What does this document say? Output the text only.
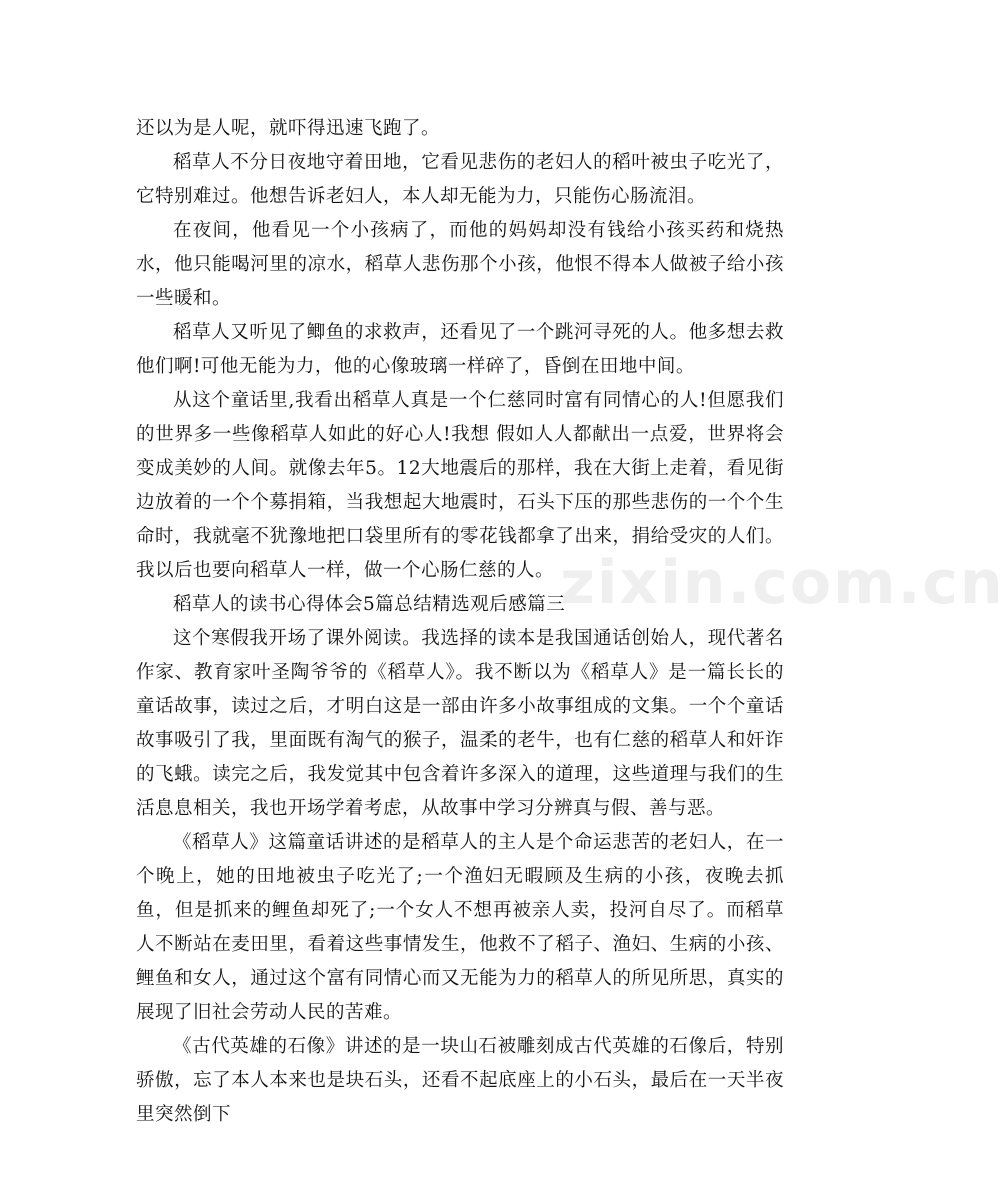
还以为是人呢，就吓得迅速飞跑了。

稻草人不分日夜地守着田地，它看见悲伤的老妇人的稻叶被虫子吃光了，它特别难过。他想告诉老妇人，本人却无能为力，只能伤心肠流泪。

在夜间，他看见一个小孩病了，而他的妈妈却没有钱给小孩买药和烧热水，他只能喝河里的凉水，稻草人悲伤那个小孩，他恨不得本人做被子给小孩一些暖和。

稻草人又听见了鲫鱼的求救声，还看见了一个跳河寻死的人。他多想去救他们啊!可他无能为力，他的心像玻璃一样碎了，昏倒在田地中间。

从这个童话里,我看出稻草人真是一个仁慈同时富有同情心的人!但愿我们的世界多一些像稻草人如此的好心人!我想 假如人人都献出一点爱，世界将会变成美妙的人间。就像去年5。12大地震后的那样，我在大街上走着，看见街边放着的一个个募捐箱，当我想起大地震时，石头下压的那些悲伤的一个个生命时，我就毫不犹豫地把口袋里所有的零花钱都拿了出来，捐给受灾的人们。我以后也要向稻草人一样，做一个心肠仁慈的人。

稻草人的读书心得体会5篇总结精选观后感篇三

这个寒假我开场了课外阅读。我选择的读本是我国通话创始人，现代著名作家、教育家叶圣陶爷爷的《稻草人》。我不断以为《稻草人》是一篇长长的童话故事，读过之后，才明白这是一部由许多小故事组成的文集。一个个童话故事吸引了我，里面既有淘气的猴子，温柔的老牛，也有仁慈的稻草人和奸诈的飞蛾。读完之后，我发觉其中包含着许多深入的道理，这些道理与我们的生活息息相关，我也开场学着考虑，从故事中学习分辨真与假、善与恶。

《稻草人》这篇童话讲述的是稻草人的主人是个命运悲苦的老妇人，在一个晚上，她的田地被虫子吃光了;一个渔妇无暇顾及生病的小孩，夜晚去抓鱼，但是抓来的鲤鱼却死了;一个女人不想再被亲人卖，投河自尽了。而稻草人不断站在麦田里，看着这些事情发生，他救不了稻子、渔妇、生病的小孩、鲤鱼和女人，通过这个富有同情心而又无能为力的稻草人的所见所思，真实的展现了旧社会劳动人民的苦难。

《古代英雄的石像》讲述的是一块山石被雕刻成古代英雄的石像后，特别骄傲，忘了本人本来也是块石头，还看不起底座上的小石头，最后在一天半夜里突然倒下

zixin.com.cn
